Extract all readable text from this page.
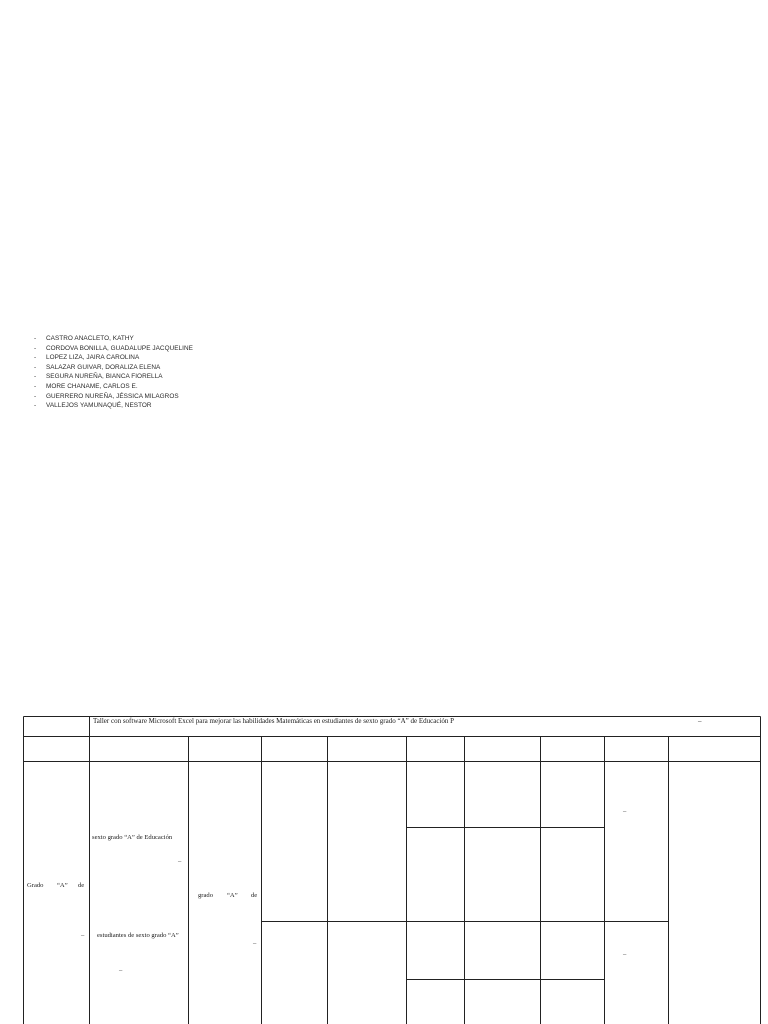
- CASTRO ANACLETO, KATHY
- CORDOVA BONILLA, GUADALUPE JACQUELINE
- LOPEZ LIZA, JAIRA CAROLINA
- SALAZAR GUIVAR, DORALIZA ELENA
- SEGURA NUREÑA, BIANCA FIORELLA
- MORE CHANAME, CARLOS E.
- GUERRERO NUREÑA, JÉSSICA MILAGROS
- VALLEJOS YAMUNAQUÉ, NESTOR
Taller con software Microsoft Excel para mejorar las habilidades Matemáticas en estudiantes de sexto grado “A” de Educación P	–
Grado “A” de
–
sexto grado “A” de Educación
–
estudiantes de sexto grado “A”
–
grado “A” de
–
–
–
